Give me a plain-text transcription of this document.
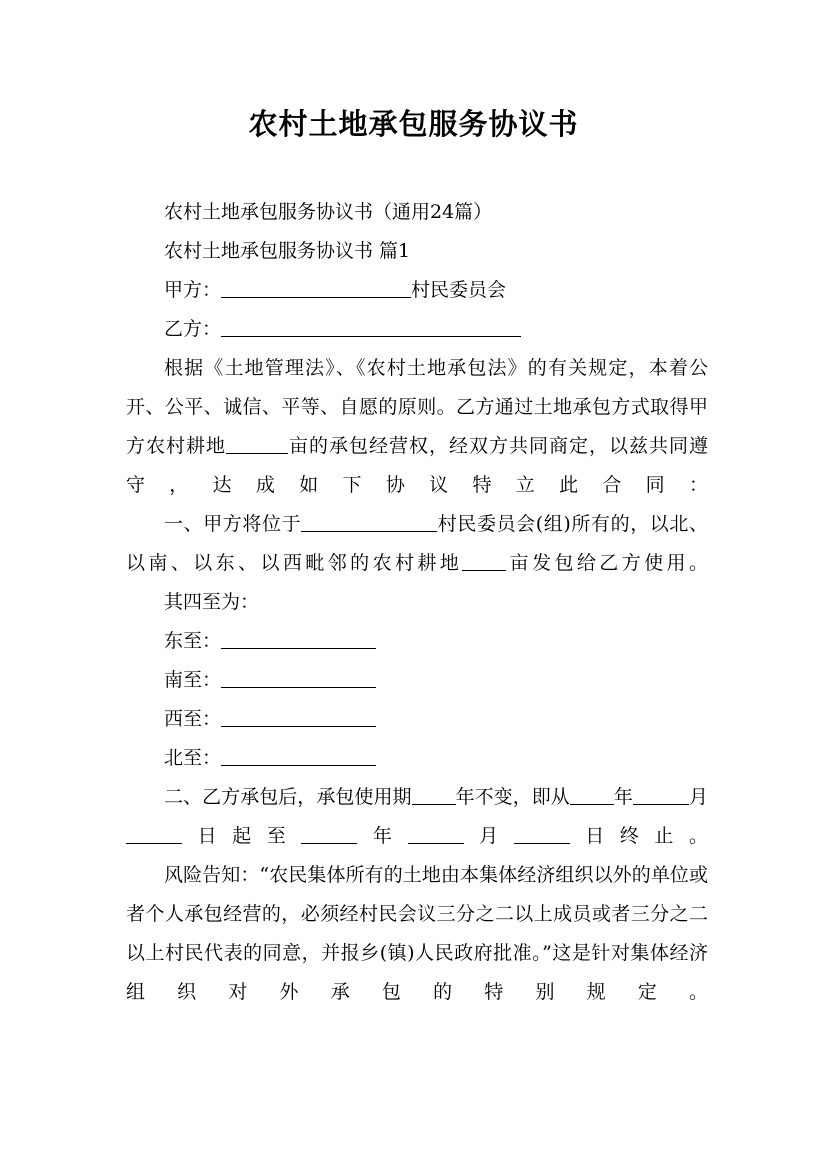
农村土地承包服务协议书

农村土地承包服务协议书（通用24篇）

农村土地承包服务协议书 篇1

甲方：	村民委员会

乙方：

根据《土地管理法》、《农村土地承包法》的有关规定，本着公开、公平、诚信、平等、自愿的原则。乙方通过土地承包方式取得甲方农村耕地	亩的承包经营权，经双方共同商定，以兹共同遵守，达成如下协议特立此合同：

一、甲方将位于	村民委员会(组)所有的，以北、以南、以东、以西毗邻的农村耕地 亩发包给乙方使用。

其四至为：

东至：

南至：

西至：

北至：

二、乙方承包后，承包使用期 年不变，即从 年	月日起至	年	月	日终止。

风险告知：“农民集体所有的土地由本集体经济组织以外的单位或者个人承包经营的，必须经村民会议三分之二以上成员或者三分之二以上村民代表的同意，并报乡(镇)人民政府批准。”这是针对集体经济组织对外承包的特别规定。
